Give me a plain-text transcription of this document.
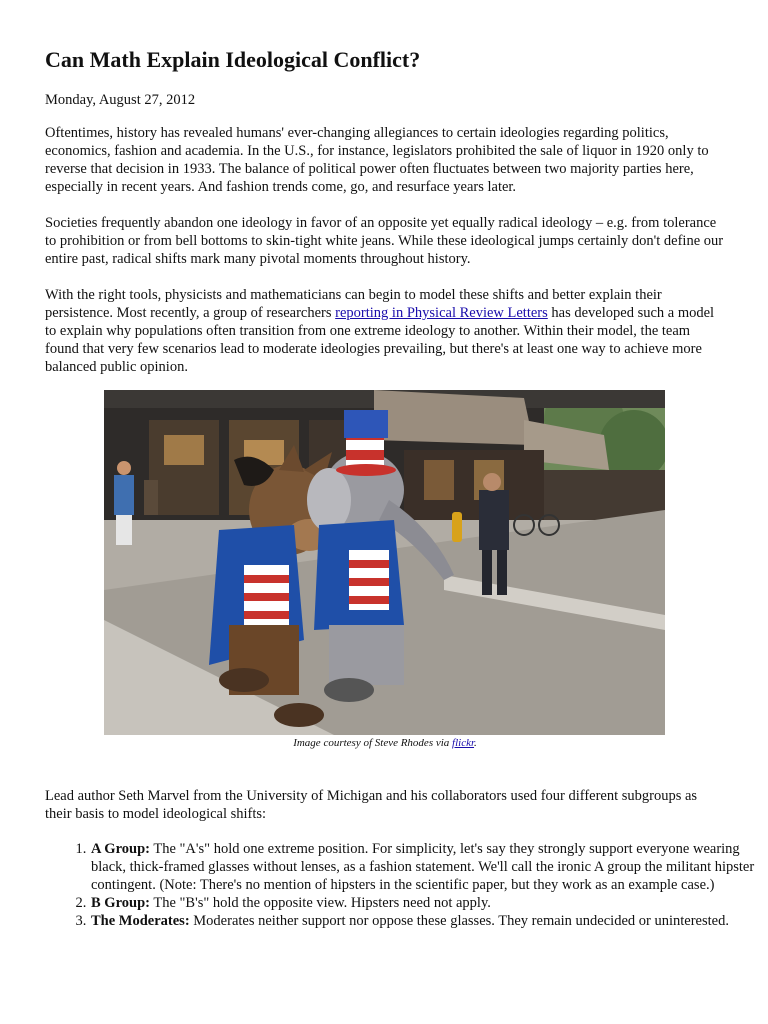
Can Math Explain Ideological Conflict?
Monday, August 27, 2012

Oftentimes, history has revealed humans' ever-changing allegiances to certain ideologies regarding politics, economics, fashion and academia. In the U.S., for instance, legislators prohibited the sale of liquor in 1920 only to reverse that decision in 1933. The balance of political power often fluctuates between two majority parties here, especially in recent years. And fashion trends come, go, and resurface years later.

Societies frequently abandon one ideology in favor of an opposite yet equally radical ideology – e.g. from tolerance to prohibition or from bell bottoms to skin-tight white jeans. While these ideological jumps certainly don't define our entire past, radical shifts mark many pivotal moments throughout history.

With the right tools, physicists and mathematicians can begin to model these shifts and better explain their persistence. Most recently, a group of researchers reporting in Physical Review Letters has developed such a model to explain why populations often transition from one extreme ideology to another. Within their model, the team found that very few scenarios lead to moderate ideologies prevailing, but there's at least one way to achieve more balanced public opinion.

Image courtesy of Steve Rhodes via flickr.

Lead author Seth Marvel from the University of Michigan and his collaborators used four different subgroups as their basis to model ideological shifts:

1. A Group: The "A's" hold one extreme position. For simplicity, let's say they strongly support everyone wearing black, thick-framed glasses without lenses, as a fashion statement. We'll call the ironic A group the militant hipster contingent. (Note: There's no mention of hipsters in the scientific paper, but they work as an example case.)
2. B Group: The "B's" hold the opposite view. Hipsters need not apply.
3. The Moderates: Moderates neither support nor oppose these glasses. They remain undecided or uninterested.
